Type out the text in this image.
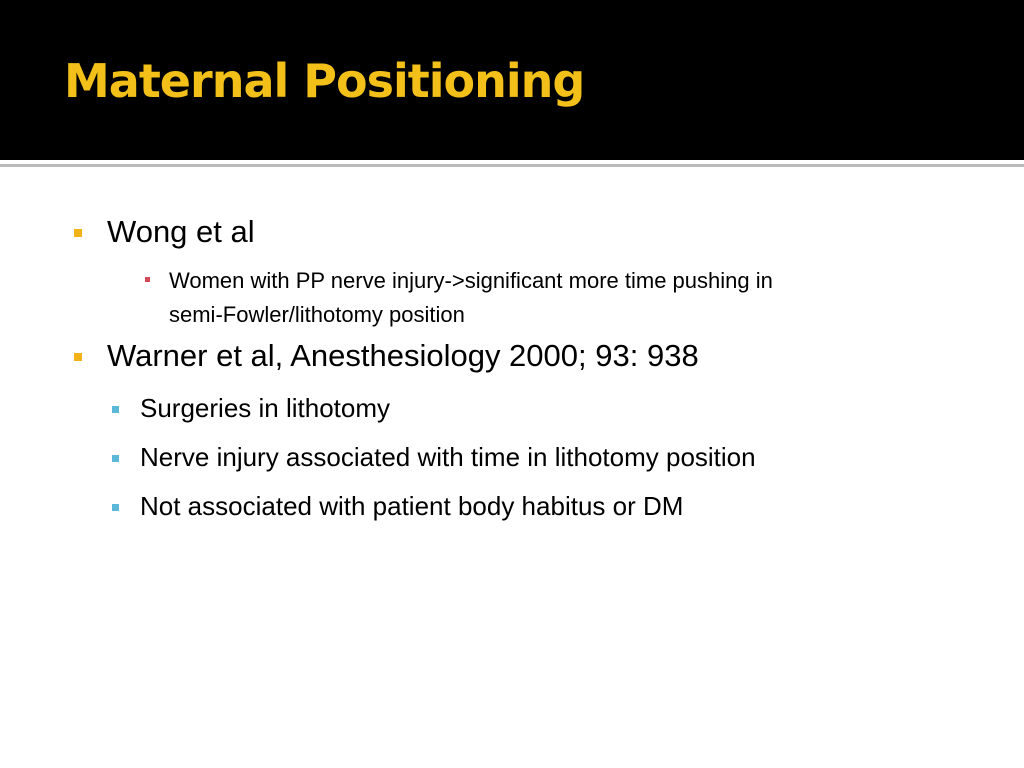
Maternal Positioning
Wong et al
Women with PP nerve injury->significant more time pushing in
semi-Fowler/lithotomy position
Warner et al, Anesthesiology 2000; 93: 938
Surgeries in lithotomy
Nerve injury associated with time in lithotomy position
Not associated with patient body habitus or DM
